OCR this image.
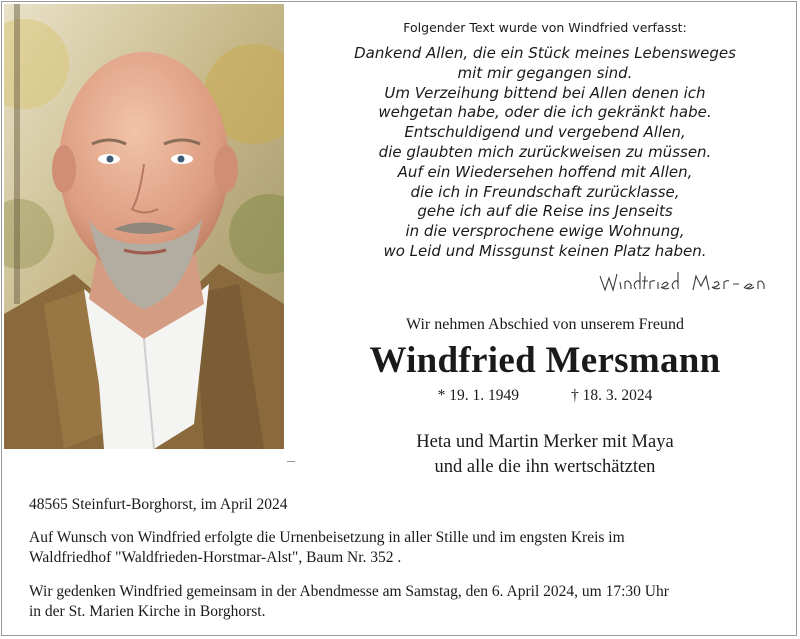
Folgender Text wurde von Windfried verfasst:
Dankend Allen, die ein Stück meines Lebensweges
mit mir gegangen sind.
Um Verzeihung bittend bei Allen denen ich
wehgetan habe, oder die ich gekränkt habe.
Entschuldigend und vergebend Allen,
die glaubten mich zurückweisen zu müssen.
Auf ein Wiedersehen hoffend mit Allen,
die ich in Freundschaft zurücklasse,
gehe ich auf die Reise ins Jenseits
in die versprochene ewige Wohnung,
wo Leid und Missgunst keinen Platz haben.
Windfried Mersmann
Wir nehmen Abschied von unserem Freund
Windfried Mersmann
* 19. 1. 1949	† 18. 3. 2024
Heta und Martin Merker mit Maya
und alle die ihn wertschätzten
48565 Steinfurt-Borghorst, im April 2024
Auf Wunsch von Windfried erfolgte die Urnenbeisetzung in aller Stille und im engsten Kreis im
Waldfriedhof "Waldfrieden-Horstmar-Alst", Baum Nr. 352 .
Wir gedenken Windfried gemeinsam in der Abendmesse am Samstag, den 6. April 2024, um 17:30 Uhr
in der St. Marien Kirche in Borghorst.
